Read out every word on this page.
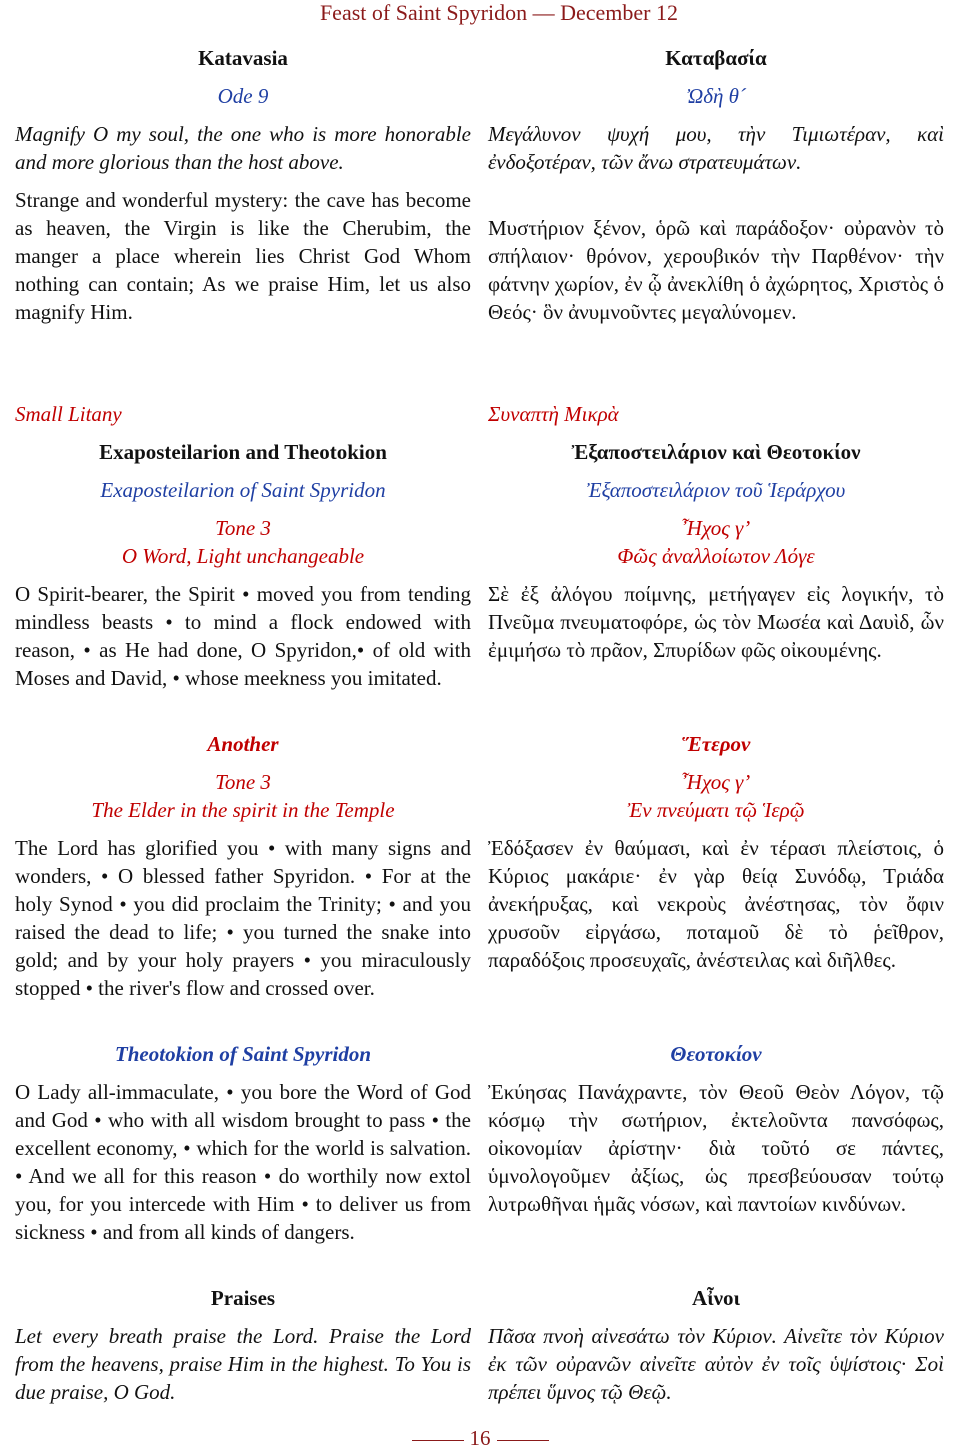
Feast of Saint Spyridon — December 12

Katavasia

Ode 9

Magnify O my soul, the one who is more honorable and more glorious than the host above.

Strange and wonderful mystery: the cave has become as heaven, the Virgin is like the Cherubim, the manger a place wherein lies Christ God Whom nothing can contain; As we praise Him, let us also magnify Him.

Καταβασία

Ὠδὴ θ´

Μεγάλυνον ψυχή μου, τὴν Τιμιωτέραν, καὶ ἐνδοξοτέραν, τῶν ἄνω στρατευμάτων.

Μυστήριον ξένον, ὁρῶ καὶ παράδοξον· οὐρανὸν τὸ σπήλαιον· θρόνον, χερουβικόν τὴν Παρθένον· τὴν φάτνην χωρίον, ἐν ᾧ ἀνεκλίθη ὁ ἀχώρητος, Χριστὸς ὁ Θεός· ὃν ἀνυμνοῦντες μεγαλύνομεν.

Small Litany

Exaposteilarion and Theotokion

Exaposteilarion of Saint Spyridon

Tone 3

O Word, Light unchangeable

O Spirit-bearer, the Spirit • moved you from tending mindless beasts • to mind a flock endowed with reason, • as He had done, O Spyridon,• of old with Moses and David, • whose meekness you imitated.

Συναπτὴ Μικρὰ

Ἐξαποστειλάριον καὶ Θεοτοκίον

Ἐξαποστειλάριον τοῦ Ἱεράρχου

Ἦχος γ’

Φῶς ἀναλλοίωτον Λόγε

Σὲ ἐξ ἀλόγου ποίμνης, μετήγαγεν εἰς λογικήν, τὸ Πνεῦμα πνευματοφόρε, ὡς τὸν Μωσέα καὶ Δαυὶδ, ὧν ἐμιμήσω τὸ πρᾶον, Σπυρίδων φῶς οἰκουμένης.

Another

Tone 3

The Elder in the spirit in the Temple

The Lord has glorified you • with many signs and wonders, • O blessed father Spyridon. • For at the holy Synod • you did proclaim the Trinity; • and you raised the dead to life; • you turned the snake into gold; and by your holy prayers • you miraculously stopped • the river's flow and crossed over.

Ἕτερον

Ἦχος γ’

Ἐν πνεύματι τῷ Ἱερῷ

Ἐδόξασεν ἐν θαύμασι, καὶ ἐν τέρασι πλείστοις, ὁ Κύριος μακάριε· ἐν γὰρ θείᾳ Συνόδῳ, Τριάδα ἀνεκήρυξας, καὶ νεκροὺς ἀνέστησας, τὸν ὄφιν χρυσοῦν εἰργάσω, ποταμοῦ δὲ τὸ ῥεῖθρον, παραδόξοις προσευχαῖς, ἀνέστειλας καὶ διῆλθες.

Theotokion of Saint Spyridon

O Lady all-immaculate, • you bore the Word of God and God • who with all wisdom brought to pass • the excellent economy, • which for the world is salvation. • And we all for this reason • do worthily now extol you, for you intercede with Him • to deliver us from sickness • and from all kinds of dangers.

Θεοτοκίον

Ἐκύησας Πανάχραντε, τὸν Θεοῦ Θεὸν Λόγον, τῷ κόσμῳ τὴν σωτήριον, ἐκτελοῦντα πανσόφως, οἰκονομίαν ἀρίστην· διὰ τοῦτό σε πάντες, ὑμνολογοῦμεν ἀξίως, ὡς πρεσβεύουσαν τούτῳ λυτρωθῆναι ἡμᾶς νόσων, καὶ παντοίων κινδύνων.

Praises

Let every breath praise the Lord. Praise the Lord from the heavens, praise Him in the highest. To You is due praise, O God.

Αἶνοι

Πᾶσα πνοὴ αἰνεσάτω τὸν Κύριον. Αἰνεῖτε τὸν Κύριον ἐκ τῶν οὐρανῶν αἰνεῖτε αὐτὸν ἐν τοῖς ὑψίστοις· Σοὶ πρέπει ὕμνος τῷ Θεῷ.

16
